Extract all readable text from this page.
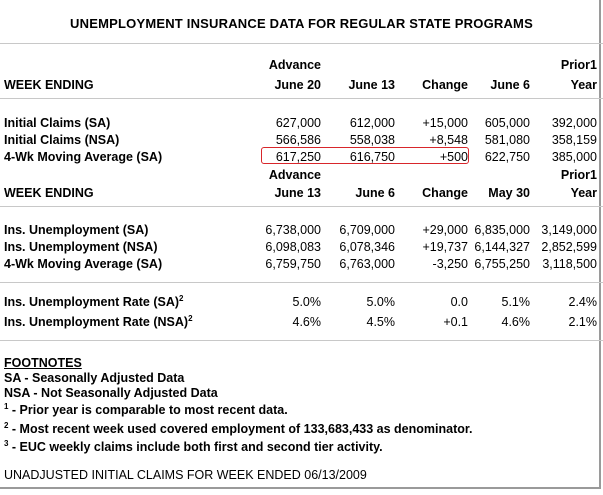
UNEMPLOYMENT INSURANCE DATA FOR REGULAR STATE PROGRAMS
Advance	Prior1
WEEK ENDING	June 20 June 13 Change June 6	Year
Initial Claims (SA)	627,000 612,000 +15,000 605,000 392,000
Initial Claims (NSA)	566,586 558,038	+8,548 581,080 358,159
4-Wk Moving Average (SA)	617,250 616,750	+500 622,750 385,000
Advance	Prior1
WEEK ENDING	June 13	June 6 Change May 30	Year
Ins. Unemployment (SA)	6,738,000 6,709,000 +29,000 6,835,000 3,149,000
Ins. Unemployment (NSA)	6,098,083 6,078,346 +19,737 6,144,327 2,852,599
4-Wk Moving Average (SA)	6,759,750 6,763,000	-3,250 6,755,250 3,118,500
Ins. Unemployment Rate (SA)$^2$	5.0%	5.0%	0.0	5.1%	2.4%
Ins. Unemployment Rate (NSA)$^2$	4.6%	4.5%	+0.1	4.6%	2.1%
FOOTNOTES
SA - Seasonally Adjusted Data
NSA - Not Seasonally Adjusted Data
$^1$ - Prior year is comparable to most recent data.
$^2$ - Most recent week used covered employment of 133,683,433 as denominator.
$^3$ - EUC weekly claims include both first and second tier activity.
UNADJUSTED INITIAL CLAIMS FOR WEEK ENDED 06/13/2009
